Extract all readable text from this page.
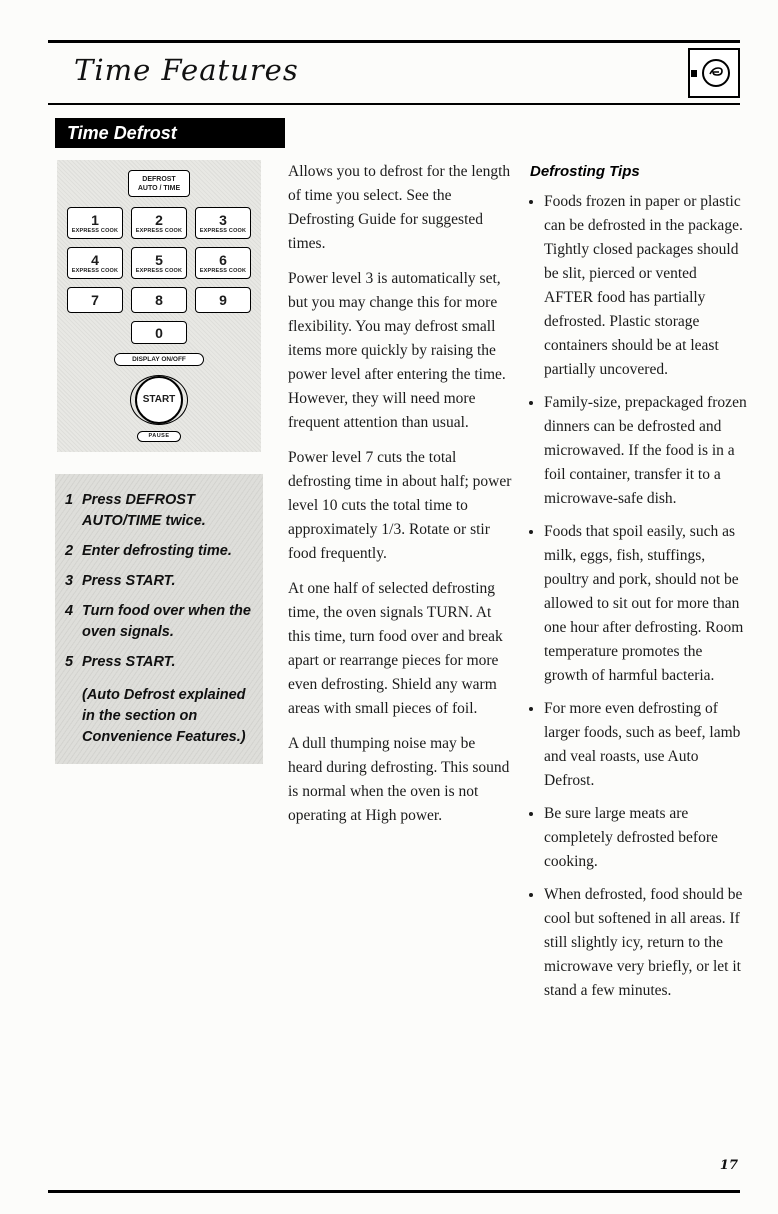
Time Features
Time Defrost
DEFROST
AUTO / TIME
1
EXPRESS COOK
2
EXPRESS COOK
3
EXPRESS COOK
4
EXPRESS COOK
5
EXPRESS COOK
6
EXPRESS COOK
7	8	9
0
DISPLAY ON/OFF
START
PAUSE
1 Press DEFROST AUTO/TIME twice.
2 Enter defrosting time.
3 Press START.
4 Turn food over when the oven signals.
5 Press START.
(Auto Defrost explained in the section on Convenience Features.)

Allows you to defrost for the length of time you select. See the Defrosting Guide for suggested times.

Power level 3 is automatically set, but you may change this for more flexibility. You may defrost small items more quickly by raising the power level after entering the time. However, they will need more frequent attention than usual.

Power level 7 cuts the total defrosting time in about half; power level 10 cuts the total time to approximately 1/3. Rotate or stir food frequently.

At one half of selected defrosting time, the oven signals TURN. At this time, turn food over and break apart or rearrange pieces for more even defrosting. Shield any warm areas with small pieces of foil.

A dull thumping noise may be heard during defrosting. This sound is normal when the oven is not operating at High power.

Defrosting Tips
• Foods frozen in paper or plastic can be defrosted in the package. Tightly closed packages should be slit, pierced or vented AFTER food has partially defrosted. Plastic storage containers should be at least partially uncovered.
• Family-size, prepackaged frozen dinners can be defrosted and microwaved. If the food is in a foil container, transfer it to a microwave-safe dish.
• Foods that spoil easily, such as milk, eggs, fish, stuffings, poultry and pork, should not be allowed to sit out for more than one hour after defrosting. Room temperature promotes the growth of harmful bacteria.
• For more even defrosting of larger foods, such as beef, lamb and veal roasts, use Auto Defrost.
• Be sure large meats are completely defrosted before cooking.
• When defrosted, food should be cool but softened in all areas. If still slightly icy, return to the microwave very briefly, or let it stand a few minutes.
17
